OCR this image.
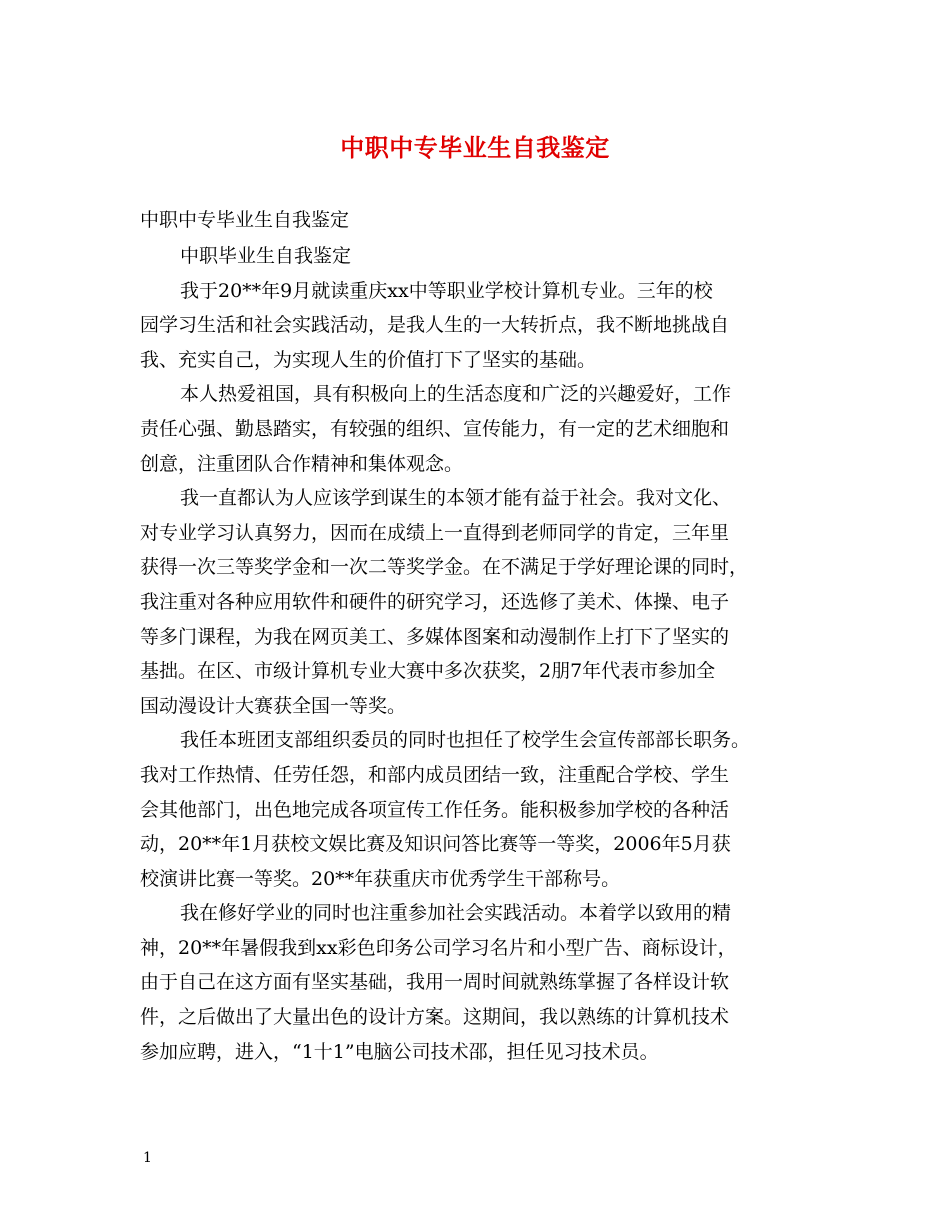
中职中专毕业生自我鉴定
中职中专毕业生自我鉴定
中职毕业生自我鉴定
我于20**年9月就读重庆xx中等职业学校计算机专业。三年的校
园学习生活和社会实践活动，是我人生的一大转折点，我不断地挑战自
我、充实自己，为实现人生的价值打下了坚实的基础。
本人热爱祖国，具有积极向上的生活态度和广泛的兴趣爱好，工作
责任心强、勤恳踏实，有较强的组织、宣传能力，有一定的艺术细胞和
创意，注重团队合作精神和集体观念。
我一直都认为人应该学到谋生的本领才能有益于社会。我对文化、
对专业学习认真努力，因而在成绩上一直得到老师同学的肯定，三年里
获得一次三等奖学金和一次二等奖学金。在不满足于学好理论课的同时，
我注重对各种应用软件和硬件的研究学习，还选修了美术、体操、电子
等多门课程，为我在网页美工、多媒体图案和动漫制作上打下了坚实的
基拙。在区、市级计算机专业大赛中多次获奖，2朋7年代表市参加全
国动漫设计大赛获全国一等奖。
我任本班团支部组织委员的同时也担任了校学生会宣传部部长职务。
我对工作热情、任劳任怨，和部内成员团结一致，注重配合学校、学生
会其他部门，出色地完成各项宣传工作任务。能积极参加学校的各种活
动，20**年1月获校文娱比赛及知识问答比赛等一等奖，2006年5月获
校演讲比赛一等奖。20**年获重庆市优秀学生干部称号。
我在修好学业的同时也注重参加社会实践活动。本着学以致用的精
神，20**年暑假我到xx彩色印务公司学习名片和小型广告、商标设计，
由于自己在这方面有坚实基础，我用一周时间就熟练掌握了各样设计软
件，之后做出了大量出色的设计方案。这期间，我以熟练的计算机技术
参加应聘，进入，“1十1”电脑公司技术邵，担任见习技术员。
1
